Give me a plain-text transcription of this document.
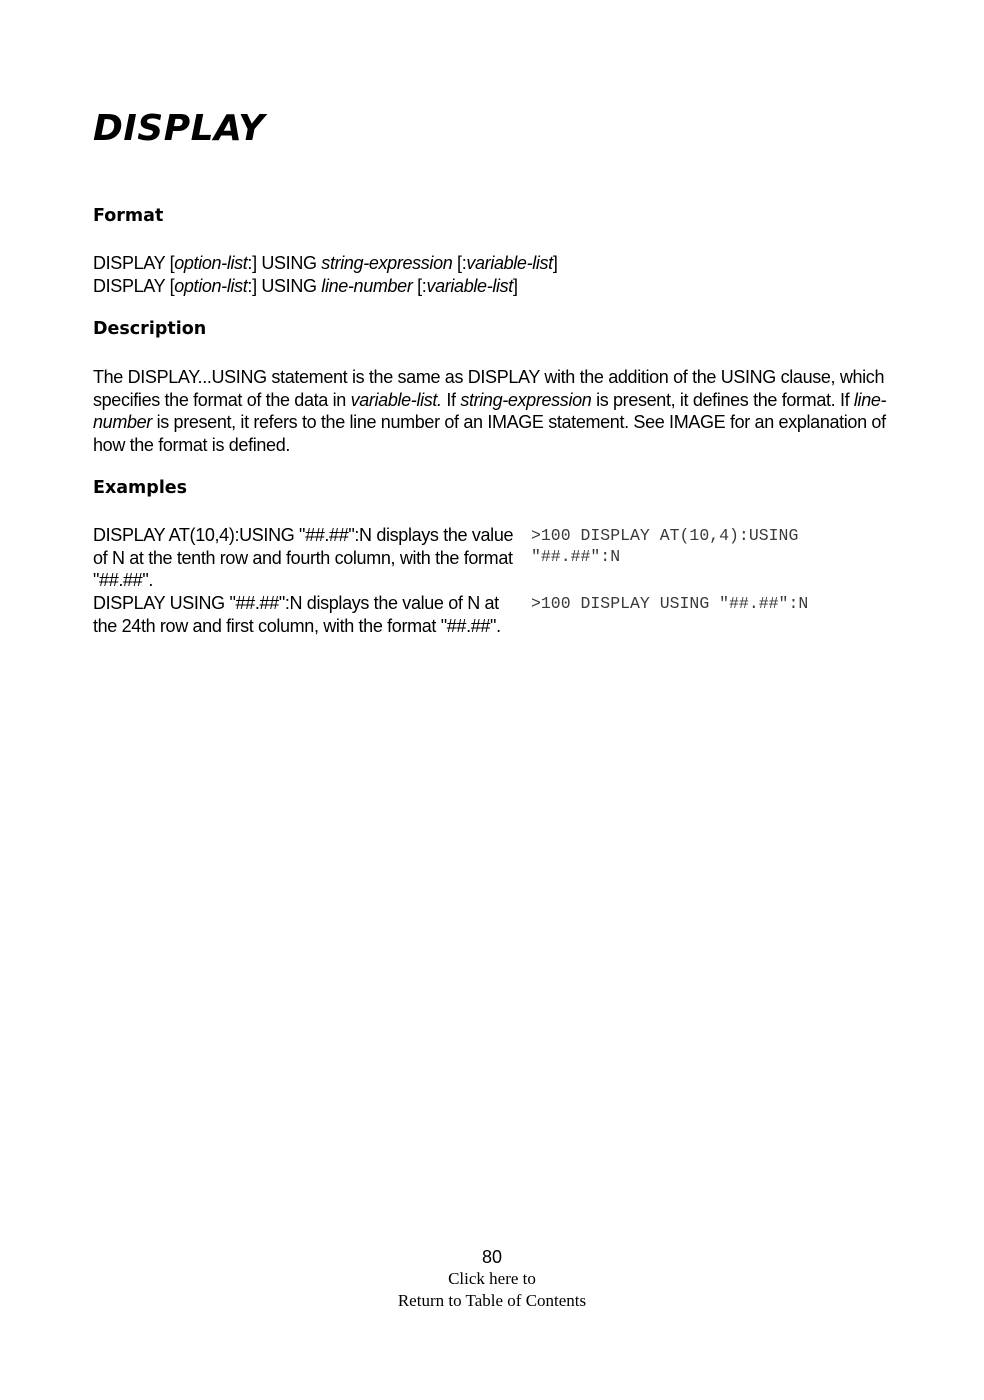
DISPLAY
Format
DISPLAY [option-list:] USING string-expression [:variable-list]
DISPLAY [option-list:] USING line-number [:variable-list]
Description

The DISPLAY...USING statement is the same as DISPLAY with the addition of the USING clause, which specifies the format of the data in variable-list. If string-expression is present, it defines the format. If line-number is present, it refers to the line number of an IMAGE statement. See IMAGE for an explanation of how the format is defined.

Examples
DISPLAY AT(10,4):USING "##.##":N displays the value of N at the tenth row and fourth column, with the format "##.##".
>100 DISPLAY AT(10,4):USING "##.##":N
DISPLAY USING "##.##":N displays the value of N at the 24th row and first column, with the format "##.##".
>100 DISPLAY USING "##.##":N
80
Click here to
Return to Table of Contents
